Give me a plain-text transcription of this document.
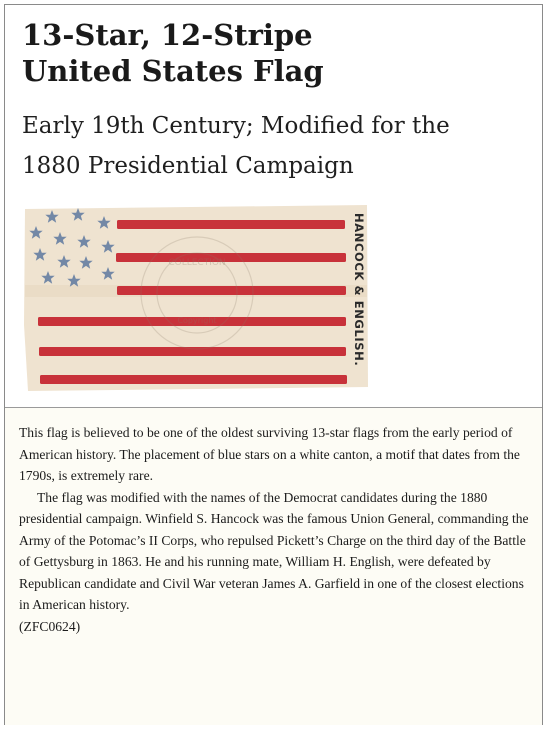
13-Star, 12-Stripe
United States Flag
Early 19th Century; Modified for the
1880 Presidential Campaign
COLLECTION
Copyright	HANCOCK & ENGLISH.

This flag is believed to be one of the oldest surviving 13-star flags from the early period of American history. The placement of blue stars on a white canton, a motif that dates from the 1790s, is extremely rare.

The flag was modified with the names of the Democrat candidates during the 1880 presidential campaign. Winfield S. Hancock was the famous Union General, commanding the Army of the Potomac’s II Corps, who repulsed Pickett’s Charge on the third day of the Battle of Gettysburg in 1863. He and his running mate, William H. English, were defeated by Republican candidate and Civil War veteran James A. Garfield in one of the closest elections in American history.

(ZFC0624)
